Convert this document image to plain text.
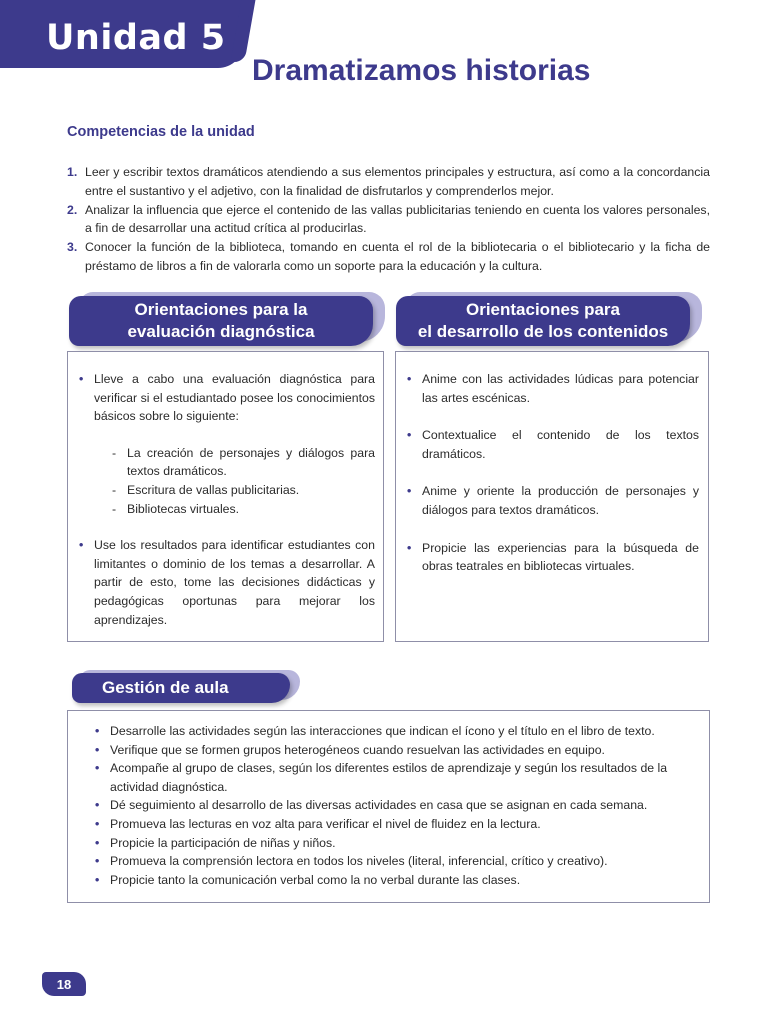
Unidad 5
Dramatizamos historias
Competencias de la unidad
1. Leer y escribir textos dramáticos atendiendo a sus elementos principales y estructura, así como a la concordancia entre el sustantivo y el adjetivo, con la finalidad de disfrutarlos y comprenderlos mejor.
2. Analizar la influencia que ejerce el contenido de las vallas publicitarias teniendo en cuenta los valores personales, a fin de desarrollar una actitud crítica al producirlas.
3. Conocer la función de la biblioteca, tomando en cuenta el rol de la bibliotecaria o el bibliotecario y la ficha de préstamo de libros a fin de valorarla como un soporte para la educación y la cultura.
Orientaciones para la
evaluación diagnóstica
Orientaciones para
el desarrollo de los contenidos
• Lleve a cabo una evaluación diagnóstica para verificar si el estudiantado posee los conocimientos básicos sobre lo siguiente:
- La creación de personajes y diálogos para textos dramáticos.
- Escritura de vallas publicitarias.
- Bibliotecas virtuales.
• Use los resultados para identificar estudiantes con limitantes o dominio de los temas a desarrollar. A partir de esto, tome las decisiones didácticas y pedagógicas oportunas para mejorar los aprendizajes.
• Anime con las actividades lúdicas para potenciar las artes escénicas.
• Contextualice el contenido de los textos dramáticos.
• Anime y oriente la producción de personajes y diálogos para textos dramáticos.
• Propicie las experiencias para la búsqueda de obras teatrales en bibliotecas virtuales.
Gestión de aula
• Desarrolle las actividades según las interacciones que indican el ícono y el título en el libro de texto.
• Verifique que se formen grupos heterogéneos cuando resuelvan las actividades en equipo.
• Acompañe al grupo de clases, según los diferentes estilos de aprendizaje y según los resultados de la actividad diagnóstica.
• Dé seguimiento al desarrollo de las diversas actividades en casa que se asignan en cada semana.
• Promueva las lecturas en voz alta para verificar el nivel de fluidez en la lectura.
• Propicie la participación de niñas y niños.
• Promueva la comprensión lectora en todos los niveles (literal, inferencial, crítico y creativo).
• Propicie tanto la comunicación verbal como la no verbal durante las clases.
18
